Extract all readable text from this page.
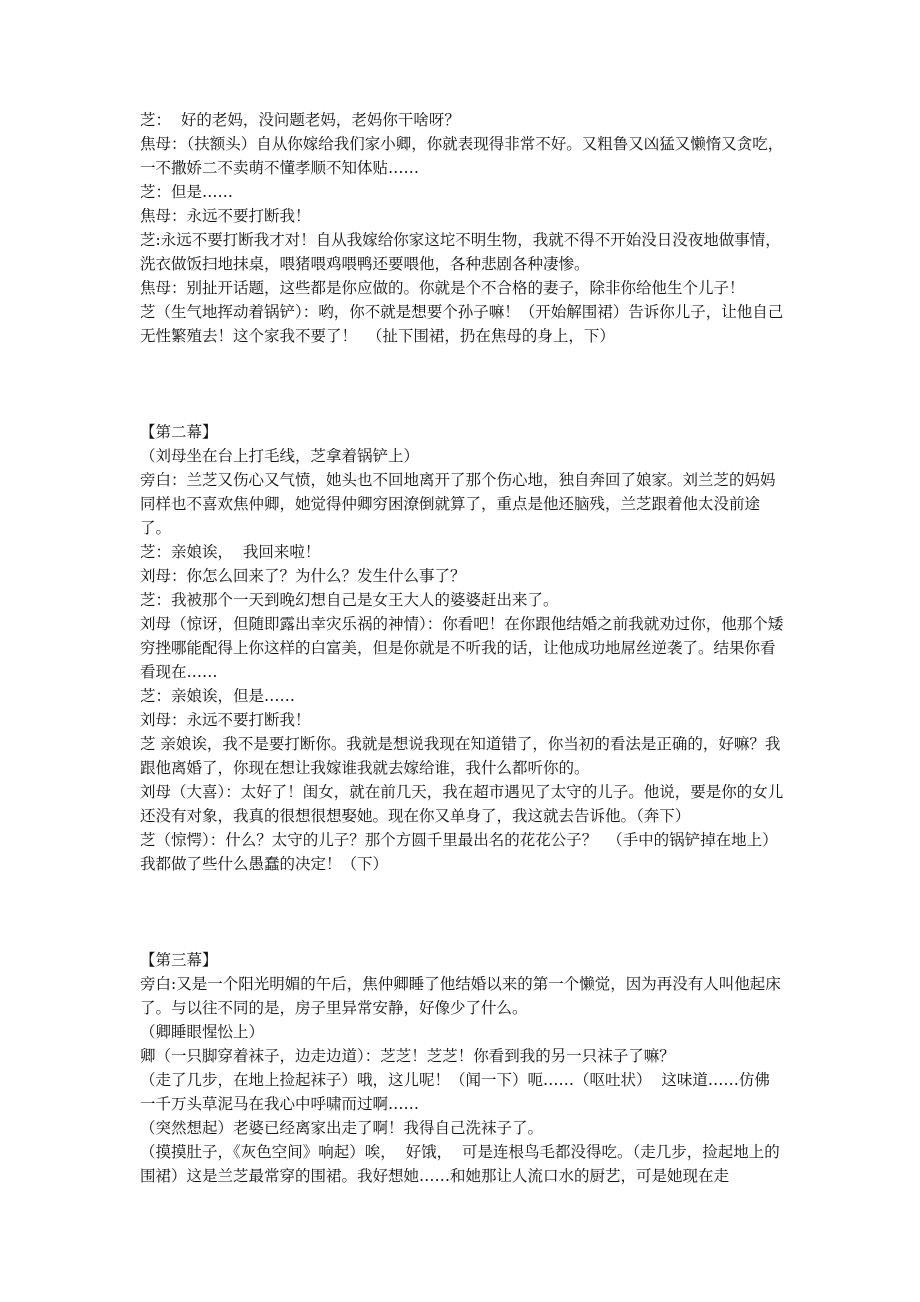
芝：  好的老妈，没问题老妈，老妈你干啥呀？
焦母：（扶额头）自从你嫁给我们家小卿，你就表现得非常不好。又粗鲁又凶猛又懒惰又贪吃，一不撒娇二不卖萌不懂孝顺不知体贴……
芝：但是……
焦母：永远不要打断我！
芝:永远不要打断我才对！自从我嫁给你家这坨不明生物，我就不得不开始没日没夜地做事情，洗衣做饭扫地抹桌，喂猪喂鸡喂鸭还要喂他，各种悲剧各种凄惨。
焦母：别扯开话题，这些都是你应做的。你就是个不合格的妻子，除非你给他生个儿子！
芝（生气地挥动着锅铲）：哟，你不就是想要个孙子嘛！（开始解围裙）告诉你儿子，让他自己无性繁殖去！这个家我不要了！  （扯下围裙，扔在焦母的身上，下）
【第二幕】
（刘母坐在台上打毛线，芝拿着锅铲上）
旁白：兰芝又伤心又气愤，她头也不回地离开了那个伤心地，独自奔回了娘家。刘兰芝的妈妈同样也不喜欢焦仲卿，她觉得仲卿穷困潦倒就算了，重点是他还脑残，兰芝跟着他太没前途了。
芝：亲娘诶，  我回来啦！
刘母：你怎么回来了？为什么？发生什么事了？
芝：我被那个一天到晚幻想自己是女王大人的婆婆赶出来了。
刘母（惊讶，但随即露出幸灾乐祸的神情）：你看吧！在你跟他结婚之前我就劝过你，他那个矮穷挫哪能配得上你这样的白富美，但是你就是不听我的话，让他成功地屌丝逆袭了。结果你看看现在……
芝：亲娘诶，但是……
刘母：永远不要打断我！
芝 亲娘诶，我不是要打断你。我就是想说我现在知道错了，你当初的看法是正确的，好嘛？我跟他离婚了，你现在想让我嫁谁我就去嫁给谁，我什么都听你的。
刘母（大喜）：太好了！闺女，就在前几天，我在超市遇见了太守的儿子。他说，要是你的女儿还没有对象，我真的很想很想娶她。现在你又单身了，我这就去告诉他。（奔下）
芝（惊愕）：什么？太守的儿子？那个方圆千里最出名的花花公子？  （手中的锅铲掉在地上）我都做了些什么愚蠢的决定！（下）
【第三幕】
旁白:又是一个阳光明媚的午后，焦仲卿睡了他结婚以来的第一个懒觉，因为再没有人叫他起床了。与以往不同的是，房子里异常安静，好像少了什么。
（卿睡眼惺忪上）
卿（一只脚穿着袜子，边走边道）：芝芝！芝芝！你看到我的另一只袜子了嘛？
（走了几步，在地上捡起袜子）哦，这儿呢！（闻一下）呃……（呕吐状）  这味道……仿佛一千万头草泥马在我心中呼啸而过啊……
（突然想起）老婆已经离家出走了啊！我得自己洗袜子了。
（摸摸肚子，《灰色空间》响起）唉，  好饿，  可是连根鸟毛都没得吃。（走几步，捡起地上的围裙）这是兰芝最常穿的围裙。我好想她……和她那让人流口水的厨艺，可是她现在走
